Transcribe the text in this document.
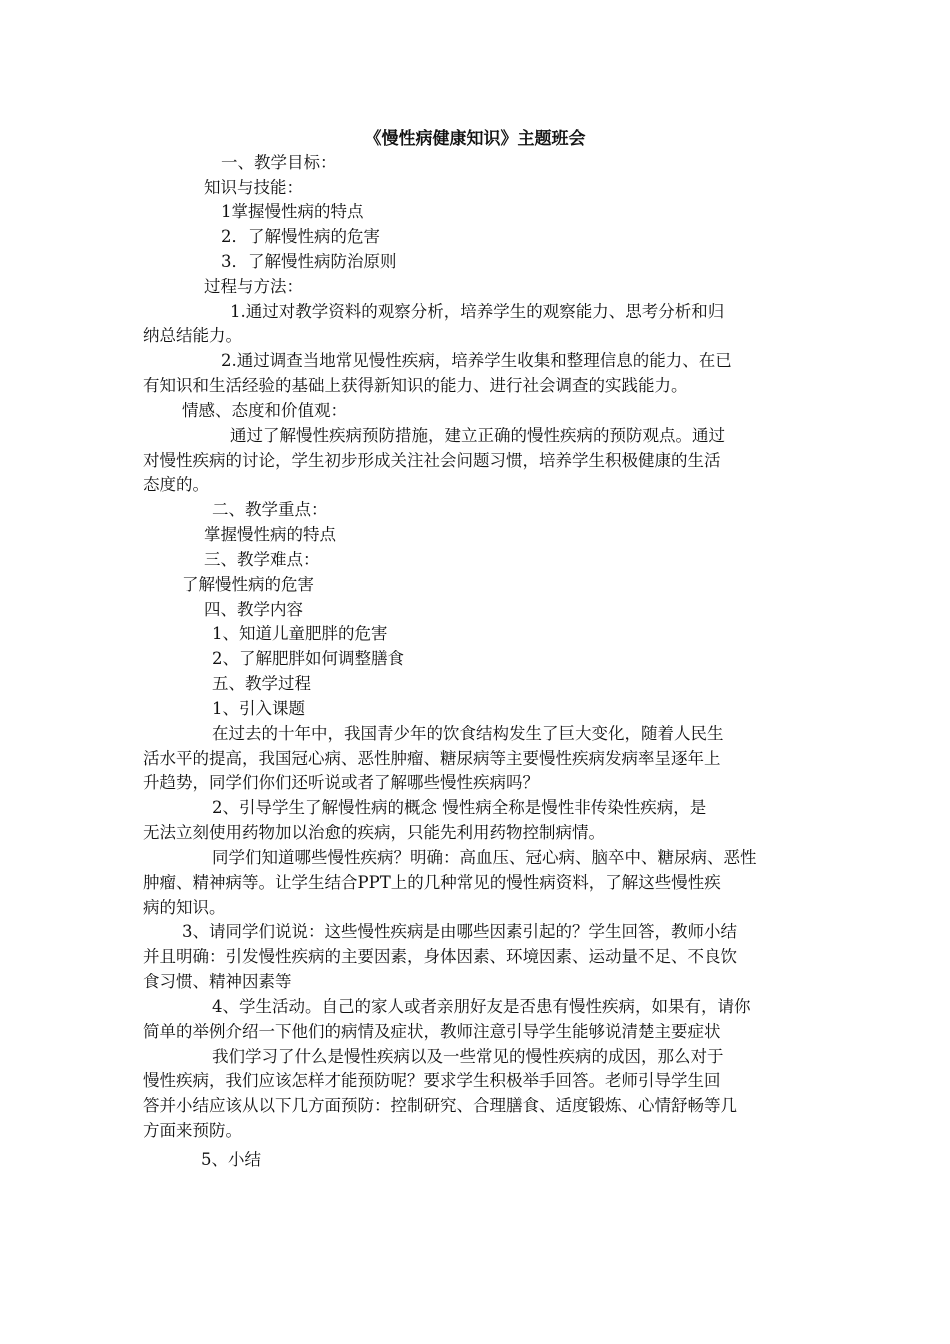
《慢性病健康知识》主题班会
一、教学目标：
知识与技能：
1掌握慢性病的特点
2．了解慢性病的危害
3．了解慢性病防治原则
过程与方法：
1.通过对教学资料的观察分析，培养学生的观察能力、思考分析和归
纳总结能力。
2.通过调查当地常见慢性疾病，培养学生收集和整理信息的能力、在已
有知识和生活经验的基础上获得新知识的能力、进行社会调查的实践能力。
情感、态度和价值观：
通过了解慢性疾病预防措施，建立正确的慢性疾病的预防观点。通过
对慢性疾病的讨论，学生初步形成关注社会问题习惯，培养学生积极健康的生活
态度的。
二、教学重点：
掌握慢性病的特点
三、教学难点：
了解慢性病的危害
四、教学内容
1、知道儿童肥胖的危害
2、了解肥胖如何调整膳食
五、教学过程
1、引入课题
在过去的十年中，我国青少年的饮食结构发生了巨大变化，随着人民生
活水平的提高，我国冠心病、恶性肿瘤、糖尿病等主要慢性疾病发病率呈逐年上
升趋势，同学们你们还听说或者了解哪些慢性疾病吗？
2、引导学生了解慢性病的概念 慢性病全称是慢性非传染性疾病，是
无法立刻使用药物加以治愈的疾病，只能先利用药物控制病情。
同学们知道哪些慢性疾病？明确：高血压、冠心病、脑卒中、糖尿病、恶性
肿瘤、精神病等。让学生结合PPT上的几种常见的慢性病资料，了解这些慢性疾
病的知识。
3、请同学们说说：这些慢性疾病是由哪些因素引起的？学生回答，教师小结
并且明确：引发慢性疾病的主要因素，身体因素、环境因素、运动量不足、不良饮
食习惯、精神因素等
4、学生活动。自己的家人或者亲朋好友是否患有慢性疾病，如果有，请你
简单的举例介绍一下他们的病情及症状，教师注意引导学生能够说清楚主要症状
我们学习了什么是慢性疾病以及一些常见的慢性疾病的成因，那么对于
慢性疾病，我们应该怎样才能预防呢？要求学生积极举手回答。老师引导学生回
答并小结应该从以下几方面预防：控制研究、合理膳食、适度锻炼、心情舒畅等几
方面来预防。
5、小结
